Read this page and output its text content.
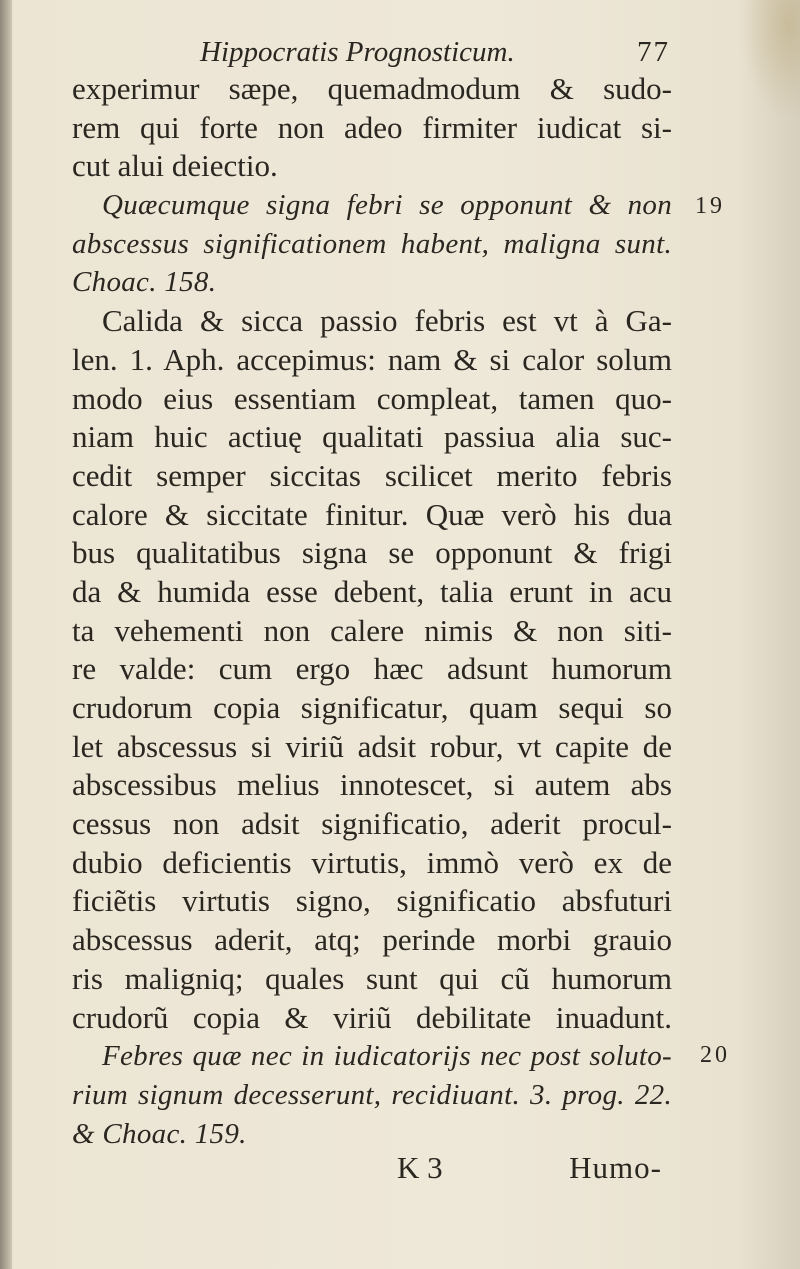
Hippocratis Prognosticum.	77
experimur sæpe, quemadmodum & sudo-
rem qui forte non adeo firmiter iudicat si-
cut alui deiectio.
Quæcumque signa febri se opponunt & non
abscessus significationem habent, maligna sunt.
Choac. 158.
Calida & sicca passio febris est vt à Ga-
len. 1. Aph. accepimus: nam & si calor solum
modo eius essentiam compleat, tamen quo-
niam huic actiuę qualitati passiua alia suc-
cedit semper siccitas scilicet merito febris
calore & siccitate finitur. Quæ verò his dua
bus qualitatibus signa se opponunt & frigi
da & humida esse debent, talia erunt in acu
ta vehementi non calere nimis & non siti-
re valde: cum ergo hæc adsunt humorum
crudorum copia significatur, quam sequi so
let abscessus si viriũ adsit robur, vt capite de
abscessibus melius innotescet, si autem abs
cessus non adsit significatio, aderit procul-
dubio deficientis virtutis, immò verò ex de
ficiẽtis virtutis signo, significatio absfuturi
abscessus aderit, atq; perinde morbi grauio
ris maligniq; quales sunt qui cũ humorum
crudorũ copia & viriũ debilitate inuadunt.
Febres quæ nec in iudicatorijs nec post soluto-
rium signum decesserunt, recidiuant. 3. prog. 22.
& Choac. 159.
19
20
K 3	Humo-
